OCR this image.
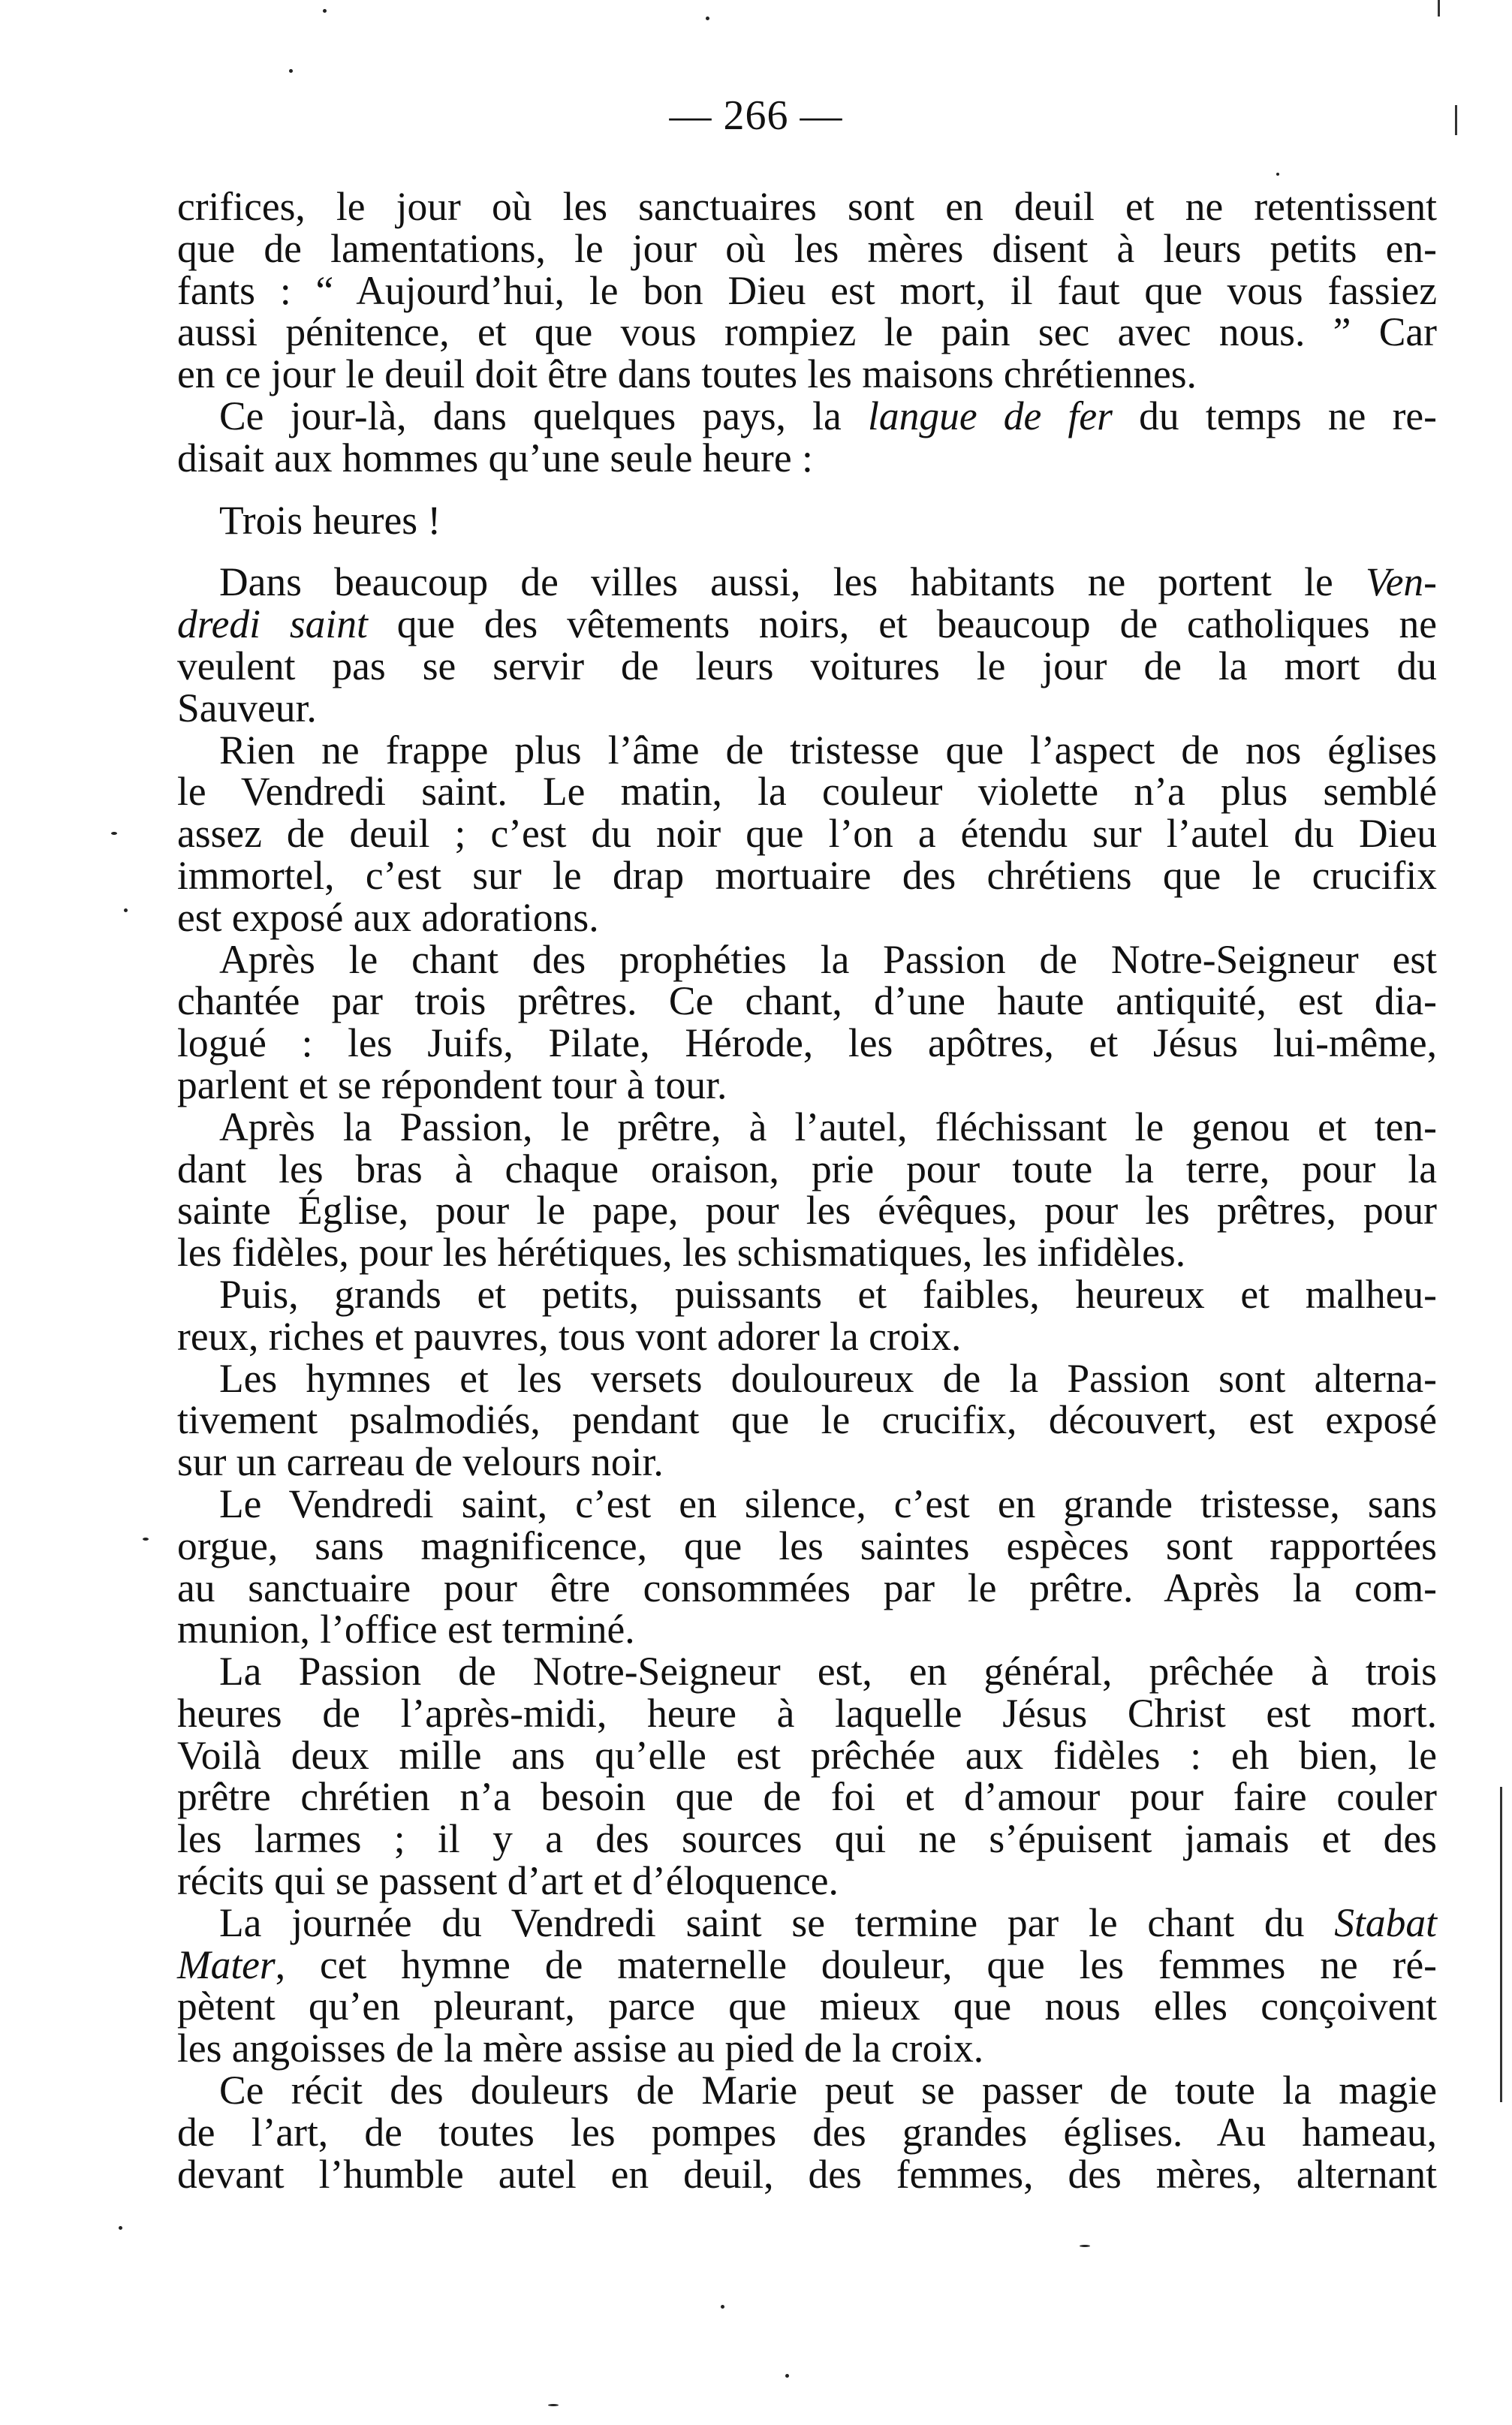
— 266 —
crifices, le jour où les sanctuaires sont en deuil et ne retentissent
que de lamentations, le jour où les mères disent à leurs petits en-
fants : “ Aujourd’hui, le bon Dieu est mort, il faut que vous fassiez
aussi pénitence, et que vous rompiez le pain sec avec nous. ” Car
en ce jour le deuil doit être dans toutes les maisons chrétiennes.
Ce jour-là, dans quelques pays, la langue de fer du temps ne re-
disait aux hommes qu’une seule heure :
Trois heures !
Dans beaucoup de villes aussi, les habitants ne portent le Ven-
dredi saint que des vêtements noirs, et beaucoup de catholiques ne
veulent pas se servir de leurs voitures le jour de la mort du
Sauveur.
Rien ne frappe plus l’âme de tristesse que l’aspect de nos églises
le Vendredi saint. Le matin, la couleur violette n’a plus semblé
assez de deuil ; c’est du noir que l’on a étendu sur l’autel du Dieu
immortel, c’est sur le drap mortuaire des chrétiens que le crucifix
est exposé aux adorations.
Après le chant des prophéties la Passion de Notre-Seigneur est
chantée par trois prêtres. Ce chant, d’une haute antiquité, est dia-
logué : les Juifs, Pilate, Hérode, les apôtres, et Jésus lui-même,
parlent et se répondent tour à tour.
Après la Passion, le prêtre, à l’autel, fléchissant le genou et ten-
dant les bras à chaque oraison, prie pour toute la terre, pour la
sainte Église, pour le pape, pour les évêques, pour les prêtres, pour
les fidèles, pour les hérétiques, les schismatiques, les infidèles.
Puis, grands et petits, puissants et faibles, heureux et malheu-
reux, riches et pauvres, tous vont adorer la croix.
Les hymnes et les versets douloureux de la Passion sont alterna-
tivement psalmodiés, pendant que le crucifix, découvert, est exposé
sur un carreau de velours noir.
Le Vendredi saint, c’est en silence, c’est en grande tristesse, sans
orgue, sans magnificence, que les saintes espèces sont rapportées
au sanctuaire pour être consommées par le prêtre. Après la com-
munion, l’office est terminé.
La Passion de Notre-Seigneur est, en général, prêchée à trois
heures de l’après-midi, heure à laquelle Jésus Christ est mort.
Voilà deux mille ans qu’elle est prêchée aux fidèles : eh bien, le
prêtre chrétien n’a besoin que de foi et d’amour pour faire couler
les larmes ; il y a des sources qui ne s’épuisent jamais et des
récits qui se passent d’art et d’éloquence.
La journée du Vendredi saint se termine par le chant du Stabat
Mater, cet hymne de maternelle douleur, que les femmes ne ré-
pètent qu’en pleurant, parce que mieux que nous elles conçoivent
les angoisses de la mère assise au pied de la croix.
Ce récit des douleurs de Marie peut se passer de toute la magie
de l’art, de toutes les pompes des grandes églises. Au hameau,
devant l’humble autel en deuil, des femmes, des mères, alternant
